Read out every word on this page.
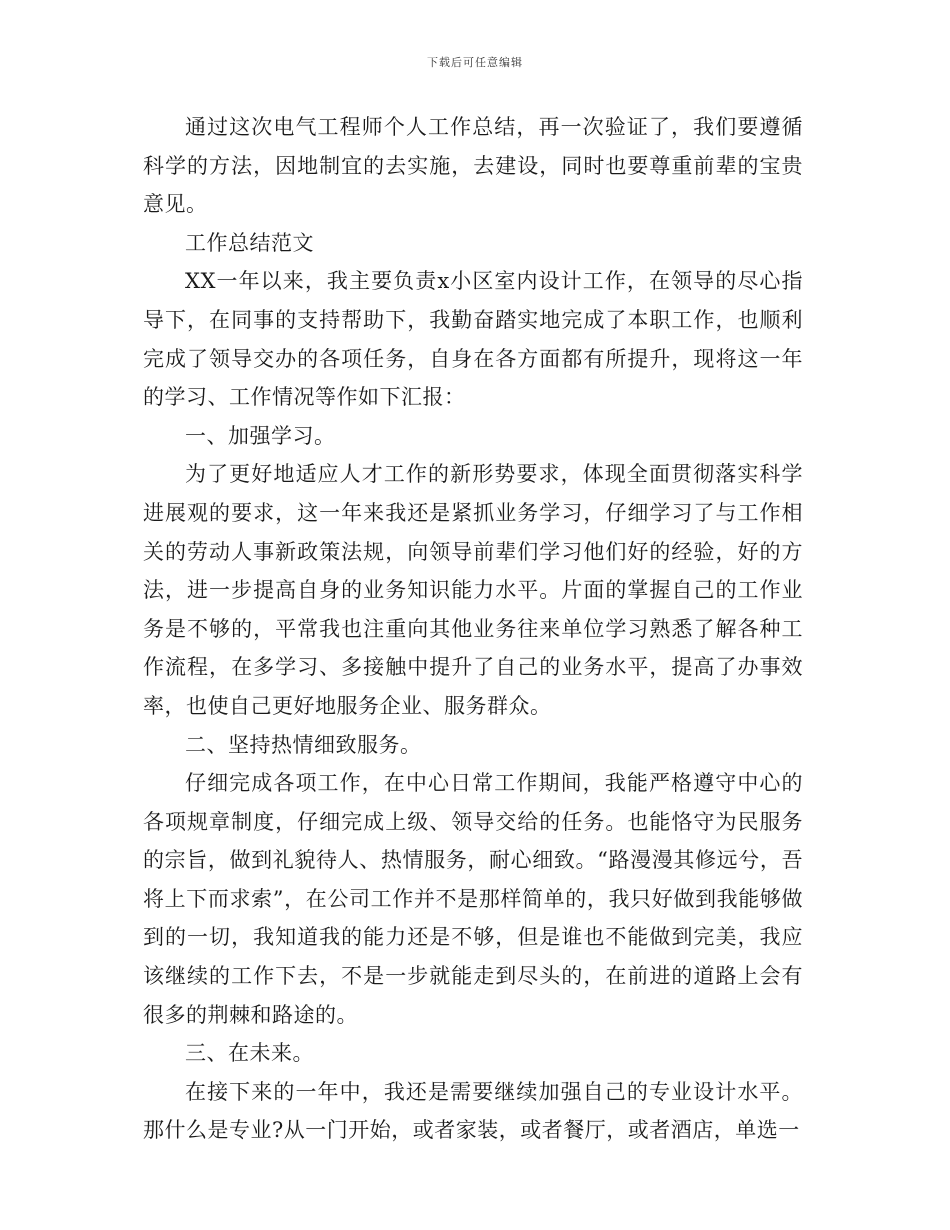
下载后可任意编辑

通过这次电气工程师个人工作总结，再一次验证了，我们要遵循科学的方法，因地制宜的去实施，去建设，同时也要尊重前辈的宝贵意见。

工作总结范文

XX一年以来，我主要负责x小区室内设计工作，在领导的尽心指导下，在同事的支持帮助下，我勤奋踏实地完成了本职工作，也顺利完成了领导交办的各项任务，自身在各方面都有所提升，现将这一年的学习、工作情况等作如下汇报：

一、加强学习。

为了更好地适应人才工作的新形势要求，体现全面贯彻落实科学进展观的要求，这一年来我还是紧抓业务学习，仔细学习了与工作相关的劳动人事新政策法规，向领导前辈们学习他们好的经验，好的方法，进一步提高自身的业务知识能力水平。片面的掌握自己的工作业务是不够的，平常我也注重向其他业务往来单位学习熟悉了解各种工作流程，在多学习、多接触中提升了自己的业务水平，提高了办事效率，也使自己更好地服务企业、服务群众。

二、坚持热情细致服务。

仔细完成各项工作，在中心日常工作期间，我能严格遵守中心的各项规章制度，仔细完成上级、领导交给的任务。也能恪守为民服务的宗旨，做到礼貌待人、热情服务，耐心细致。“路漫漫其修远兮，吾将上下而求索”，在公司工作并不是那样简单的，我只好做到我能够做到的一切，我知道我的能力还是不够，但是谁也不能做到完美，我应该继续的工作下去，不是一步就能走到尽头的，在前进的道路上会有很多的荆棘和路途的。

三、在未来。

在接下来的一年中，我还是需要继续加强自己的专业设计水平。那什么是专业?从一门开始，或者家装，或者餐厅，或者酒店，单选一
